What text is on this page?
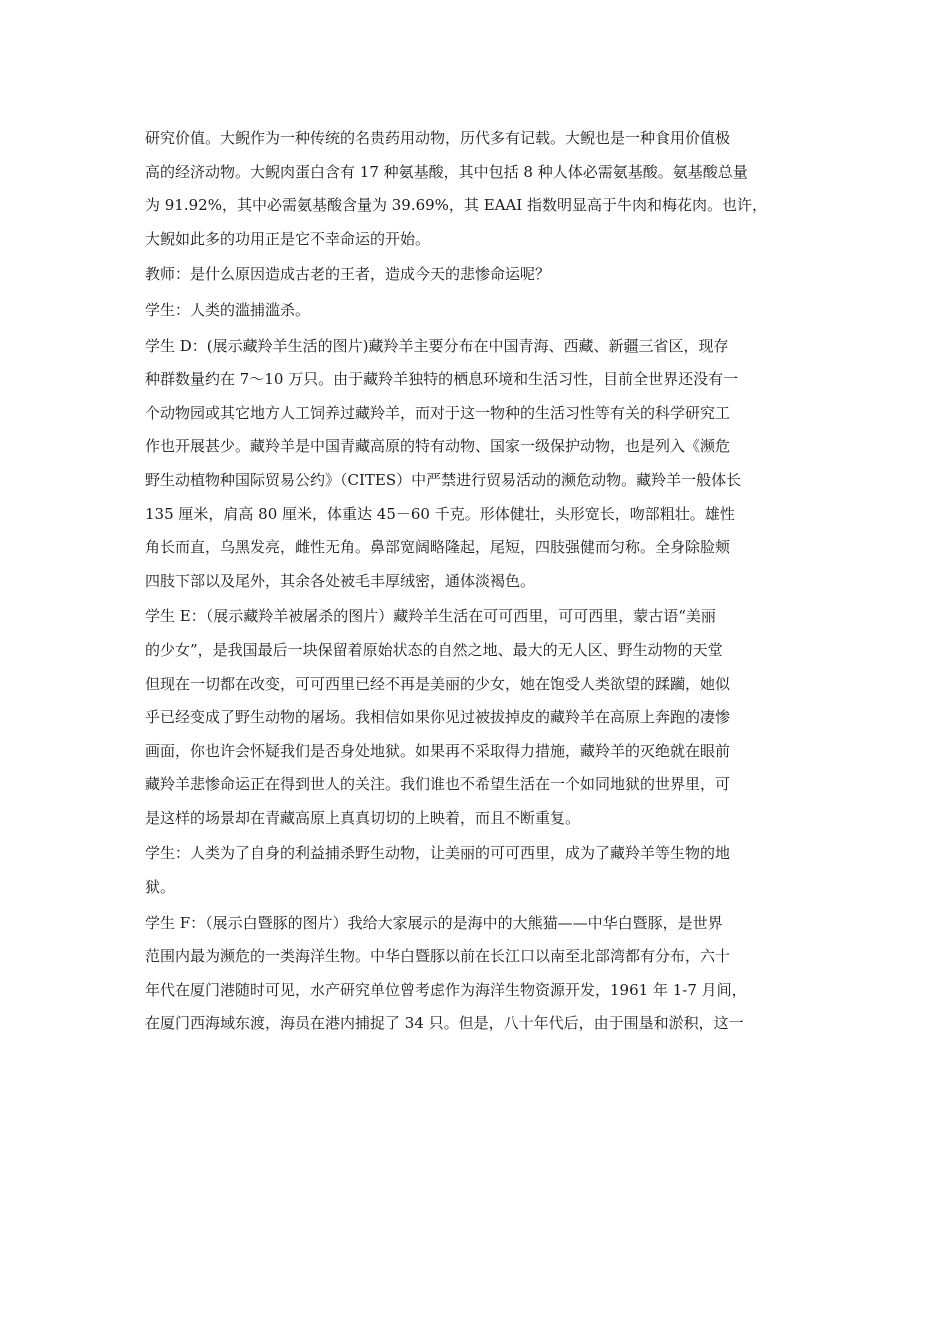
研究价值。大鲵作为一种传统的名贵药用动物，历代多有记载。大鲵也是一种食用价值极
高的经济动物。大鲵肉蛋白含有 17 种氨基酸，其中包括 8 种人体必需氨基酸。氨基酸总量
为 91.92%，其中必需氨基酸含量为 39.69%，其 EAAI 指数明显高于牛肉和梅花肉。也许，
大鲵如此多的功用正是它不幸命运的开始。
教师：是什么原因造成古老的王者，造成今天的悲惨命运呢？
学生：人类的滥捕滥杀。
学生 D：(展示藏羚羊生活的图片)藏羚羊主要分布在中国青海、西藏、新疆三省区，现存
种群数量约在 7～10 万只。由于藏羚羊独特的栖息环境和生活习性，目前全世界还没有一
个动物园或其它地方人工饲养过藏羚羊，而对于这一物种的生活习性等有关的科学研究工
作也开展甚少。藏羚羊是中国青藏高原的特有动物、国家一级保护动物，也是列入《濒危
野生动植物种国际贸易公约》（CITES）中严禁进行贸易活动的濒危动物。藏羚羊一般体长
135 厘米，肩高 80 厘米，体重达 45－60 千克。形体健壮，头形宽长，吻部粗壮。雄性
角长而直，乌黑发亮，雌性无角。鼻部宽阔略隆起，尾短，四肢强健而匀称。全身除脸颊
四肢下部以及尾外，其余各处被毛丰厚绒密，通体淡褐色。
学生 E：（展示藏羚羊被屠杀的图片）藏羚羊生活在可可西里，可可西里，蒙古语“美丽
的少女”，是我国最后一块保留着原始状态的自然之地、最大的无人区、野生动物的天堂
但现在一切都在改变，可可西里已经不再是美丽的少女，她在饱受人类欲望的蹂躏，她似
乎已经变成了野生动物的屠场。我相信如果你见过被拔掉皮的藏羚羊在高原上奔跑的凄惨
画面，你也许会怀疑我们是否身处地狱。如果再不采取得力措施，藏羚羊的灭绝就在眼前
藏羚羊悲惨命运正在得到世人的关注。我们谁也不希望生活在一个如同地狱的世界里，可
是这样的场景却在青藏高原上真真切切的上映着，而且不断重复。
学生：人类为了自身的利益捕杀野生动物，让美丽的可可西里，成为了藏羚羊等生物的地
狱。
学生 F：（展示白暨豚的图片）我给大家展示的是海中的大熊猫——中华白暨豚，是世界
范围内最为濒危的一类海洋生物。中华白暨豚以前在长江口以南至北部湾都有分布，六十
年代在厦门港随时可见，水产研究单位曾考虑作为海洋生物资源开发，1961 年 1-7 月间，
在厦门西海域东渡，海员在港内捕捉了 34 只。但是，八十年代后，由于围垦和淤积，这一
